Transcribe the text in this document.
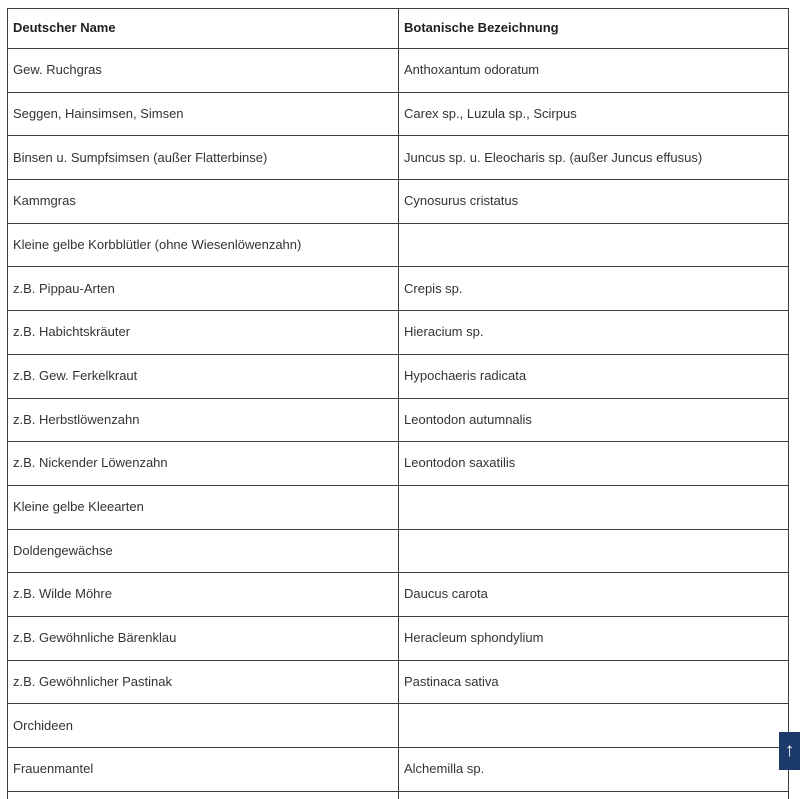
Deutscher Name	Botanische Bezeichnung
Gew. Ruchgras	Anthoxantum odoratum
Seggen, Hainsimsen, Simsen	Carex sp., Luzula sp., Scirpus
Binsen u. Sumpfsimsen (außer Flatterbinse)	Juncus sp. u. Eleocharis sp. (außer Juncus effusus)
Kammgras	Cynosurus cristatus
Kleine gelbe Korbblütler (ohne Wiesenlöwenzahn)	
z.B. Pippau-Arten	Crepis sp.
z.B. Habichtskräuter	Hieracium sp.
z.B. Gew. Ferkelkraut	Hypochaeris radicata
z.B. Herbstlöwenzahn	Leontodon autumnalis
z.B. Nickender Löwenzahn	Leontodon saxatilis
Kleine gelbe Kleearten	
Doldengewächse	
z.B. Wilde Möhre	Daucus carota
z.B. Gewöhnliche Bärenklau	Heracleum sphondylium
z.B. Gewöhnlicher Pastinak	Pastinaca sativa
Orchideen	
Frauenmantel	Alchemilla sp.

↑
